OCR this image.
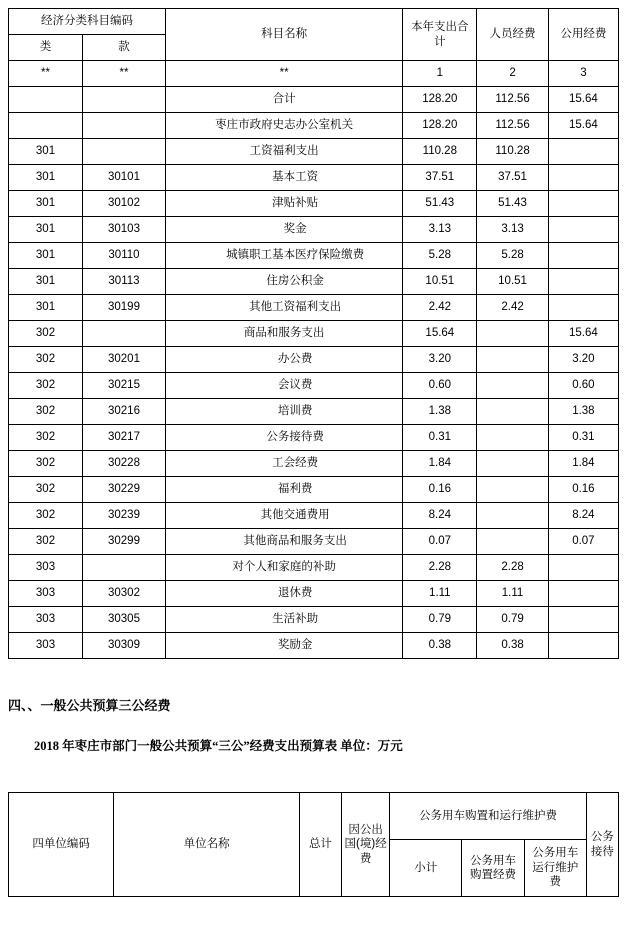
经济分类科目编码		科目名称	本年支出合计	人员经费	公用经费

类	款				
**	**	**	1	2	3
		合计	128.20	112.56	15.64
		枣庄市政府史志办公室机关	128.20	112.56	15.64
301		工资福利支出	110.28	110.28	
301	30101	基本工资	37.51	37.51	
301	30102	津贴补贴	51.43	51.43	
301	30103	奖金	3.13	3.13	
301	30110	城镇职工基本医疗保险缴费	5.28	5.28	
301	30113	住房公积金	10.51	10.51	
301	30199	其他工资福利支出	2.42	2.42	
302		商品和服务支出	15.64		15.64
302	30201	办公费	3.20		3.20
302	30215	会议费	0.60		0.60
302	30216	培训费	1.38		1.38
302	30217	公务接待费	0.31		0.31
302	30228	工会经费	1.84		1.84
302	30229	福利费	0.16		0.16
302	30239	其他交通费用	8.24		8.24
302	30299	其他商品和服务支出	0.07		0.07
303		对个人和家庭的补助	2.28	2.28	
303	30302	退休费	1.11	1.11	
303	30305	生活补助	0.79	0.79	
303	30309	奖励金	0.38	0.38	
四、、一般公共预算三公经费
2018 年枣庄市部门一般公共预算“三公”经费支出预算表 单位：万元
四单位编码	单位名称	总计	因公出国(境)经费	公务用车购置和运行维护费			公务接待
				小计	公务用车购置经费	公务用车运行维护费	
